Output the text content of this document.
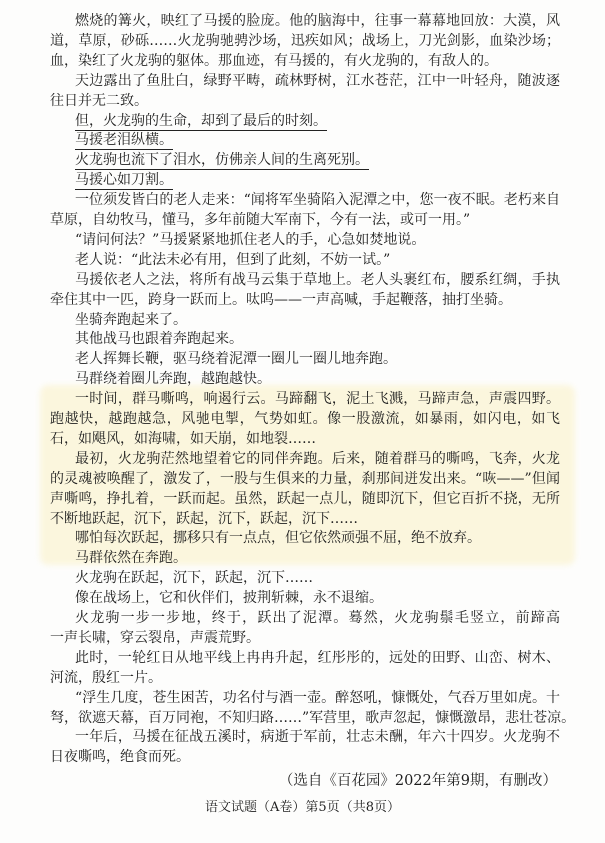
燃烧的篝火，映红了马援的脸庞。他的脑海中，往事一幕幕地回放：大漠，风
道，草原，砂砾……火龙驹驰骋沙场，迅疾如风；战场上，刀光剑影，血染沙场；
血，染红了火龙驹的躯体。那血迹，有马援的，有火龙驹的，有敌人的。
天边露出了鱼肚白，绿野平畴，疏林野树，江水苍茫，江中一叶轻舟，随波逐
往日并无二致。
但，火龙驹的生命，却到了最后的时刻。
马援老泪纵横。
火龙驹也流下了泪水，仿佛亲人间的生离死别。
马援心如刀割。
一位须发皆白的老人走来：“闻将军坐骑陷入泥潭之中，您一夜不眠。老朽来自
草原，自幼牧马，懂马，多年前随大军南下，今有一法，或可一用。”
“请问何法？”马援紧紧地抓住老人的手，心急如焚地说。
老人说：“此法未必有用，但到了此刻，不妨一试。”
马援依老人之法，将所有战马云集于草地上。老人头裹红布，腰系红绸，手执
牵住其中一匹，跨身一跃而上。呔呜——一声高喊，手起鞭落，抽打坐骑。
坐骑奔跑起来了。
其他战马也跟着奔跑起来。
老人挥舞长鞭，驱马绕着泥潭一圈儿一圈儿地奔跑。
马群绕着圈儿奔跑，越跑越快。
一时间，群马嘶鸣，响遏行云。马蹄翻飞，泥土飞溅，马蹄声急，声震四野。
跑越快，越跑越急，风驰电掣，气势如虹。像一股激流，如暴雨，如闪电，如飞
石，如飓风，如海啸，如天崩，如地裂……
最初，火龙驹茫然地望着它的同伴奔跑。后来，随着群马的嘶鸣，飞奔，火龙
的灵魂被唤醒了，激发了，一股与生俱来的力量，刹那间迸发出来。“咴——”但闻
声嘶鸣，挣扎着，一跃而起。虽然，跃起一点儿，随即沉下，但它百折不挠，无所
不断地跃起，沉下，跃起，沉下，跃起，沉下……
哪怕每次跃起，挪移只有一点点，但它依然顽强不屈，绝不放弃。
马群依然在奔跑。
火龙驹在跃起，沉下，跃起，沉下……
像在战场上，它和伙伴们，披荆斩棘，永不退缩。
火龙驹一步一步地，终于，跃出了泥潭。蓦然，火龙驹鬃毛竖立，前蹄高
一声长啸，穿云裂帛，声震荒野。
此时，一轮红日从地平线上冉冉升起，红彤彤的，远处的田野、山峦、树木、
河流，殷红一片。
“浮生几度，苍生困苦，功名付与酒一壶。醉怒吼，慷慨处，气吞万里如虎。十
弩，欲遮天幕，百万同袍，不知归路……”军营里，歌声忽起，慷慨激昂，悲壮苍凉。
一年后，马援在征战五溪时，病逝于军前，壮志未酬，年六十四岁。火龙驹不
日夜嘶鸣，绝食而死。
（选自《百花园》2022年第9期，有删改）
语文试题（A卷）第5页（共8页）
